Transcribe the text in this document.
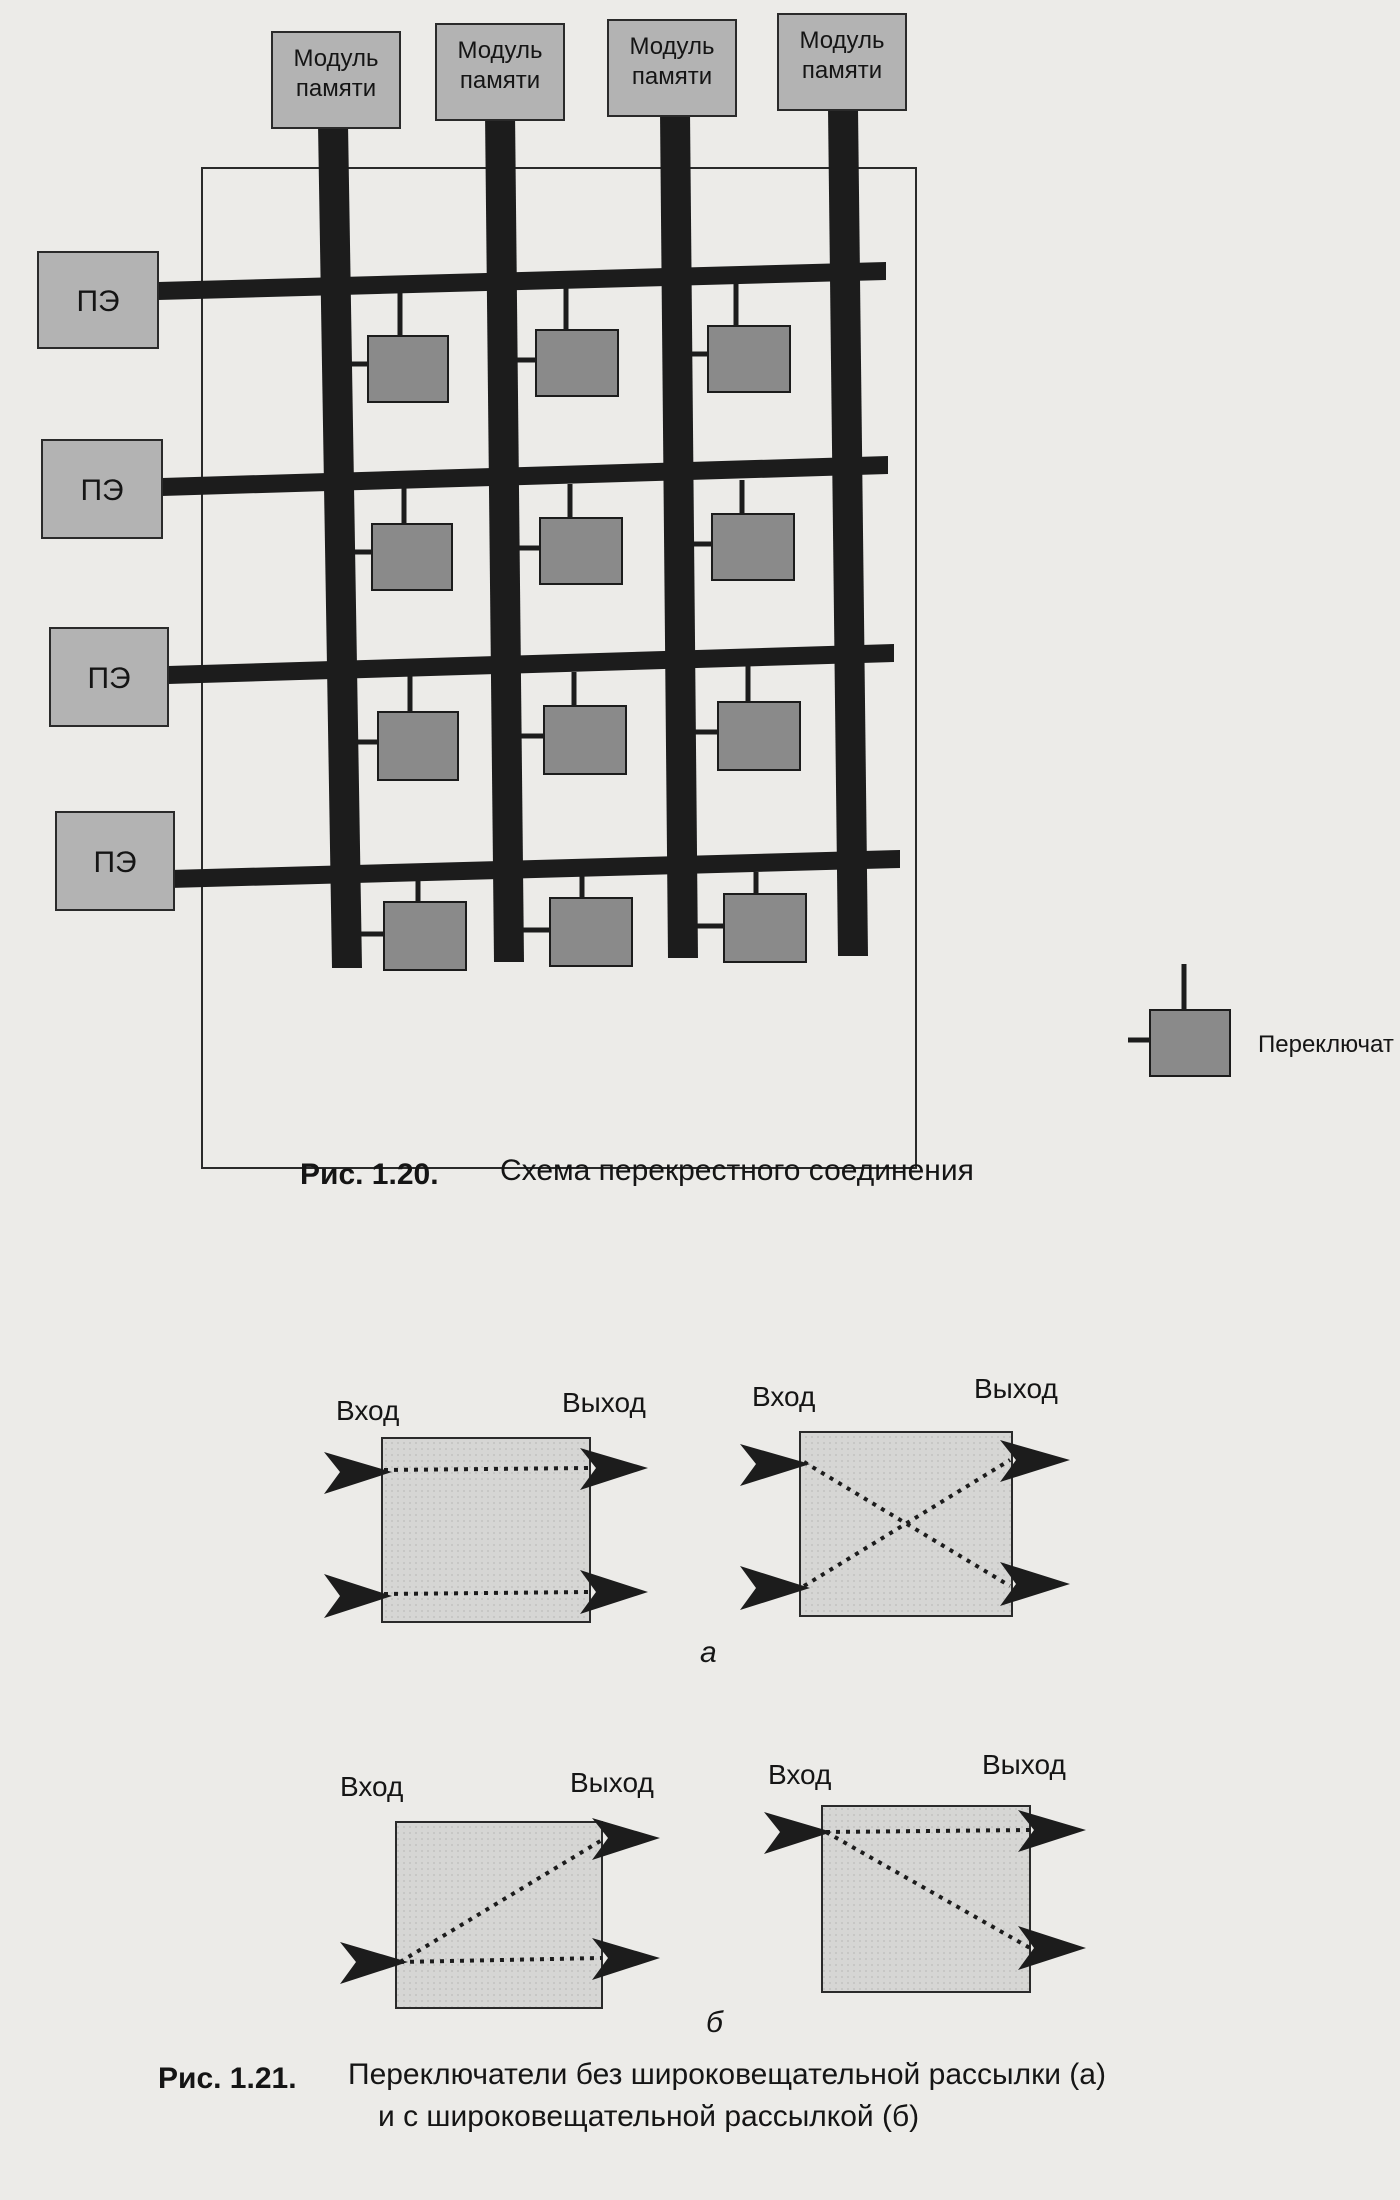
Модуль
памяти
Модуль
памяти
Модуль
памяти
Модуль
памяти
ПЭ
ПЭ
ПЭ
ПЭ
Переключат
Рис. 1.20. Схема перекрестного соединения
Вход	Выход	Вход	Выход
а
Вход	Выход	Вход	Выход
б
Рис. 1.21. Переключатели без широковещательной рассылки (а)
и с широковещательной рассылкой (б)
